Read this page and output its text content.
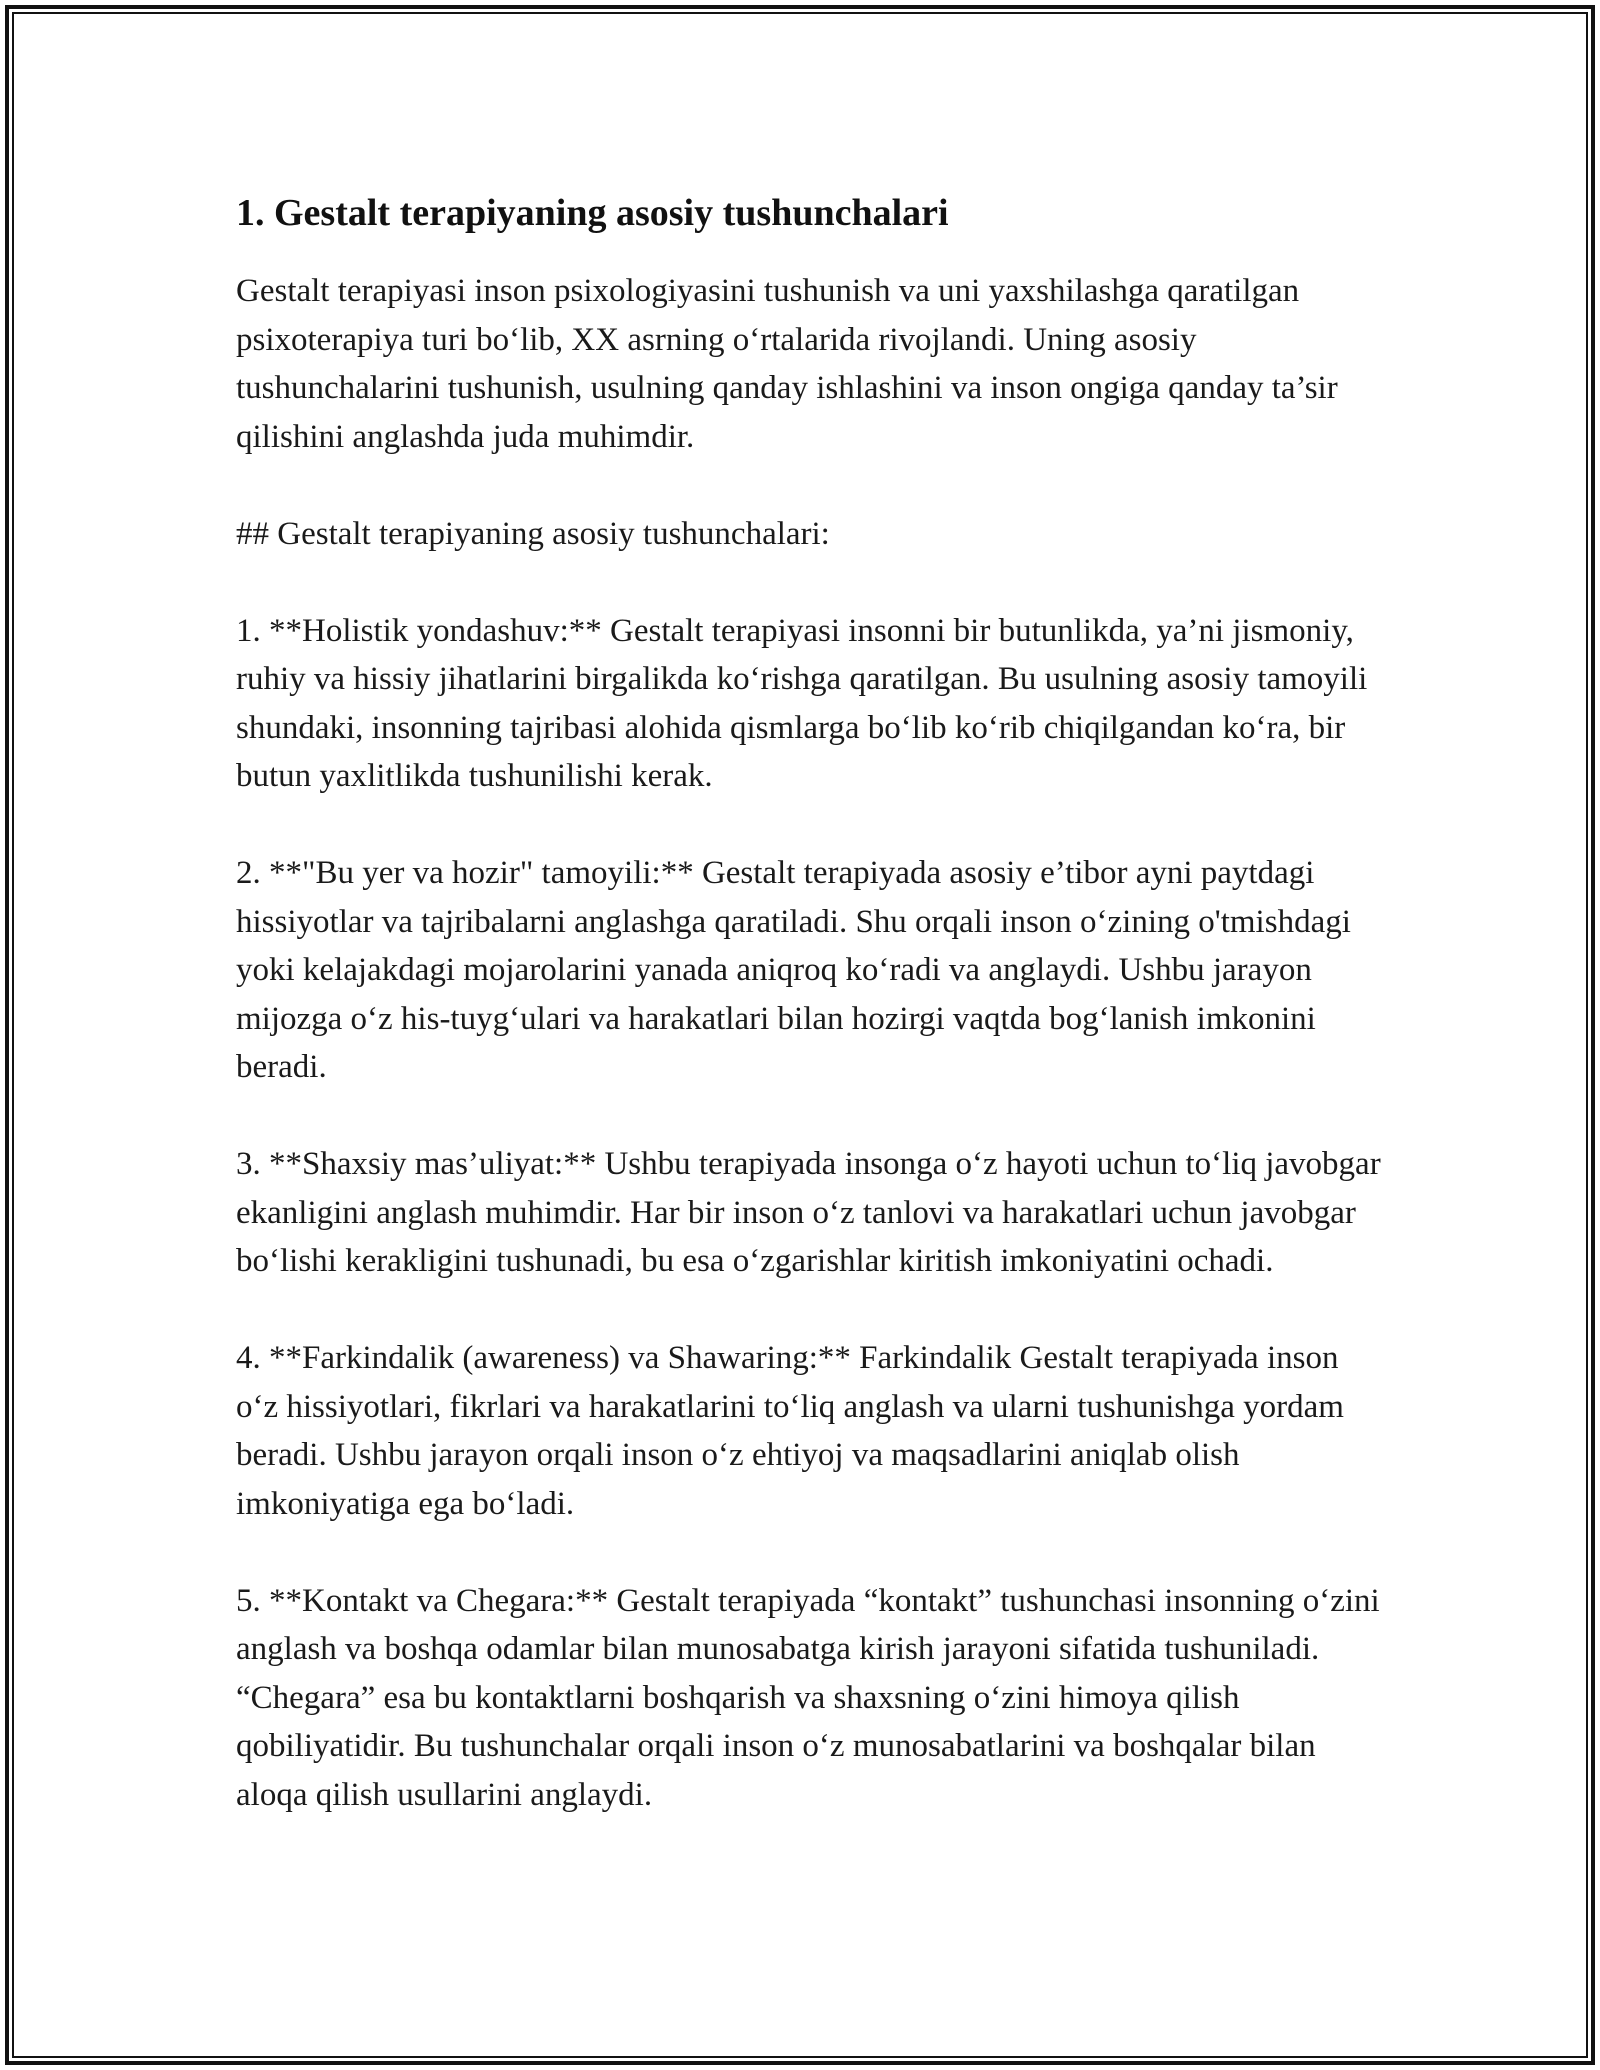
1. Gestalt terapiyaning asosiy tushunchalari

Gestalt terapiyasi inson psixologiyasini tushunish va uni yaxshilashga qaratilgan psixoterapiya turi bo‘lib, XX asrning o‘rtalarida rivojlandi. Uning asosiy tushunchalarini tushunish, usulning qanday ishlashini va inson ongiga qanday ta’sir qilishini anglashda juda muhimdir.

## Gestalt terapiyaning asosiy tushunchalari:

1. **Holistik yondashuv:** Gestalt terapiyasi insonni bir butunlikda, ya’ni jismoniy, ruhiy va hissiy jihatlarini birgalikda ko‘rishga qaratilgan. Bu usulning asosiy tamoyili shundaki, insonning tajribasi alohida qismlarga bo‘lib ko‘rib chiqilgandan ko‘ra, bir butun yaxlitlikda tushunilishi kerak.

2. **"Bu yer va hozir" tamoyili:** Gestalt terapiyada asosiy e’tibor ayni paytdagi hissiyotlar va tajribalarni anglashga qaratiladi. Shu orqali inson o‘zining o'tmishdagi yoki kelajakdagi mojarolarini yanada aniqroq ko‘radi va anglaydi. Ushbu jarayon mijozga o‘z his-tuyg‘ulari va harakatlari bilan hozirgi vaqtda bog‘lanish imkonini beradi.

3. **Shaxsiy mas’uliyat:** Ushbu terapiyada insonga o‘z hayoti uchun to‘liq javobgar ekanligini anglash muhimdir. Har bir inson o‘z tanlovi va harakatlari uchun javobgar bo‘lishi kerakligini tushunadi, bu esa o‘zgarishlar kiritish imkoniyatini ochadi.

4. **Farkindalik (awareness) va Shawaring:** Farkindalik Gestalt terapiyada inson o‘z hissiyotlari, fikrlari va harakatlarini to‘liq anglash va ularni tushunishga yordam beradi. Ushbu jarayon orqali inson o‘z ehtiyoj va maqsadlarini aniqlab olish imkoniyatiga ega bo‘ladi.

5. **Kontakt va Chegara:** Gestalt terapiyada “kontakt” tushunchasi insonning o‘zini anglash va boshqa odamlar bilan munosabatga kirish jarayoni sifatida tushuniladi. “Chegara” esa bu kontaktlarni boshqarish va shaxsning o‘zini himoya qilish qobiliyatidir. Bu tushunchalar orqali inson o‘z munosabatlarini va boshqalar bilan aloqa qilish usullarini anglaydi.
